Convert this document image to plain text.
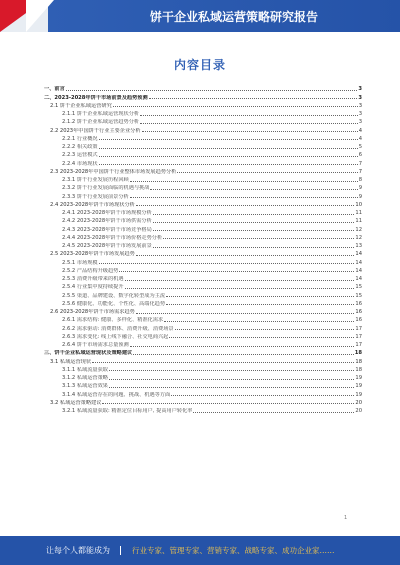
饼干企业私域运营策略研究报告
内容目录
一、前言	3
二、2023-2028年饼干市场前景及趋势预测	3
2.1 饼干企业私域运营研究	3
2.1.1 饼干企业私域运营现状分析	3
2.1.2 饼干企业私域运营趋势分析	3
2.2 2023年中国饼干行业主要企业分析	4
2.2.1 行业概况	4
2.2.2 相关政策	5
2.2.3 运营模式	6
2.2.4 市场现状	7
2.3 2023-2028年中国饼干行业整体市场发展趋势分析	7
2.3.1 饼干行业发展历程回顾	8
2.3.2 饼干行业发展面临的机遇与挑战	9
2.3.3 饼干行业发展前景分析	9
2.4 2023-2028年饼干市场现状分析	10
2.4.1 2023-2028年饼干市场规模分析	11
2.4.2 2023-2028年饼干市场供需分析	11
2.4.3 2023-2028年饼干市场竞争格局	12
2.4.4 2023-2028年饼干市场价格走势分析	12
2.4.5 2023-2028年饼干市场发展前景	13
2.5 2023-2028年饼干市场发展趋势	14
2.5.1 市场规模	14
2.5.2 产品结构升级趋势	14
2.5.3 消费升级带来的机遇	14
2.5.4 行业集中度持续提升	15
2.5.5 渠道、品牌建设、数字化转型成为主流	15
2.5.6 健康化、功能化、个性化、高端化趋势	16
2.6 2023-2028年饼干市场需求趋势	16
2.6.1 需求结构: 健康、多样化、精准化需求	16
2.6.2 需求驱动: 消费群体、消费升级、消费场景	17
2.6.3 需求变化: 线上线下融合、社交电商兴起	17
2.6.4 饼干市场需求总量预测	17
三、饼干企业私域运营现状及策略建议	18
3.1 私域运营现状	18
3.1.1 私域流量获取	18
3.1.2 私域运营策略	19
3.1.3 私域运营效果	19
3.1.4 私域运营存在的问题、挑战、机遇等方面	19
3.2 私域运营策略建议	20
3.2.1 私域流量获取: 精准定位目标用户, 提高用户转化率	20
1
让每个人都能成为	行业专家、管理专家、营销专家、战略专家、成功企业家……
